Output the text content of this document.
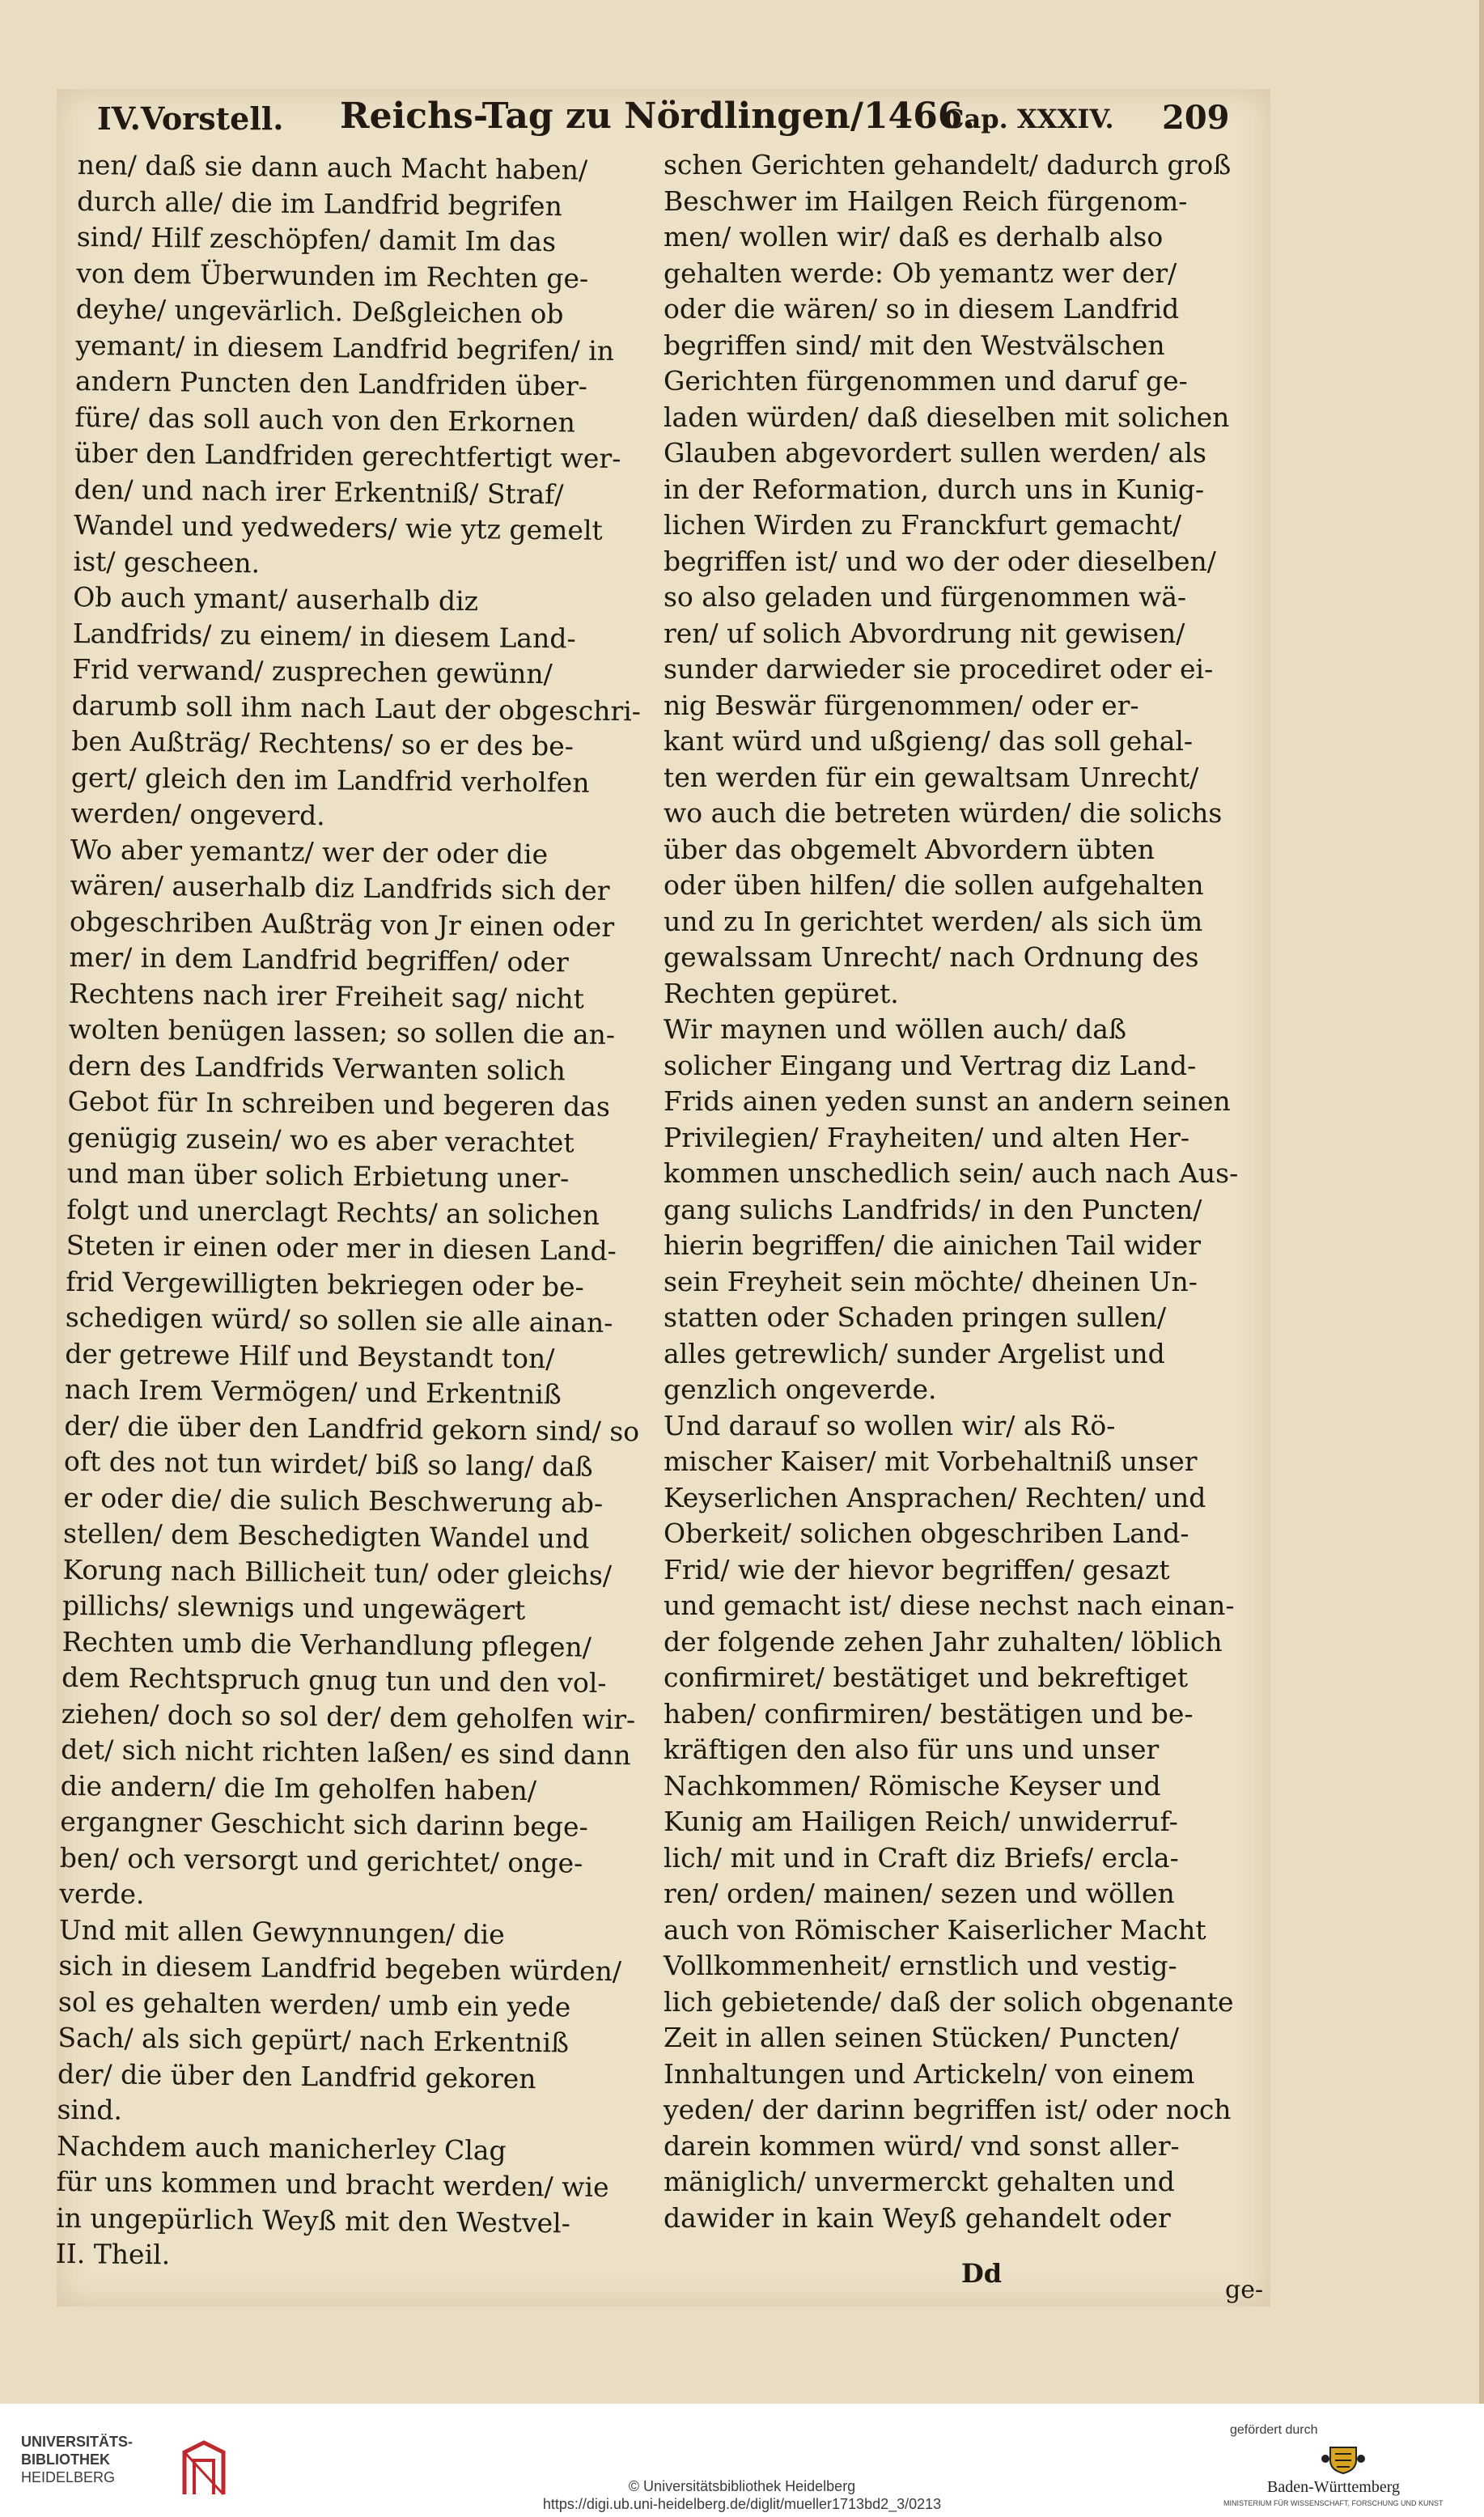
IV.Vorstell. Reichs-Tag zu Nördlingen/1466.
Cap. XXXIV. 209
nen/ daß sie dann auch Macht haben/
durch alle/ die im Landfrid begrifen
sind/ Hilf zeschöpfen/ damit Im das
von dem Überwunden im Rechten ge-
deyhe/ ungevärlich. Deßgleichen ob
yemant/ in diesem Landfrid begrifen/ in
andern Puncten den Landfriden über-
füre/ das soll auch von den Erkornen
über den Landfriden gerechtfertigt wer-
den/ und nach irer Erkentniß/ Straf/
Wandel und yedweders/ wie ytz gemelt
ist/ gescheen.
Ob auch ymant/ auserhalb diz
Landfrids/ zu einem/ in diesem Land-
Frid verwand/ zusprechen gewünn/
darumb soll ihm nach Laut der obgeschri-
ben Außträg/ Rechtens/ so er des be-
gert/ gleich den im Landfrid verholfen
werden/ ongeverd.
Wo aber yemantz/ wer der oder die
wären/ auserhalb diz Landfrids sich der
obgeschriben Außträg von Jr einen oder
mer/ in dem Landfrid begriffen/ oder
Rechtens nach irer Freiheit sag/ nicht
wolten benügen lassen; so sollen die an-
dern des Landfrids Verwanten solich
Gebot für In schreiben und begeren das
genügig zusein/ wo es aber verachtet
und man über solich Erbietung uner-
folgt und unerclagt Rechts/ an solichen
Steten ir einen oder mer in diesen Land-
frid Vergewilligten bekriegen oder be-
schedigen würd/ so sollen sie alle ainan-
der getrewe Hilf und Beystandt ton/
nach Irem Vermögen/ und Erkentniß
der/ die über den Landfrid gekorn sind/ so
oft des not tun wirdet/ biß so lang/ daß
er oder die/ die sulich Beschwerung ab-
stellen/ dem Beschedigten Wandel und
Korung nach Billicheit tun/ oder gleichs/
pillichs/ slewnigs und ungewägert
Rechten umb die Verhandlung pflegen/
dem Rechtspruch gnug tun und den vol-
ziehen/ doch so sol der/ dem geholfen wir-
det/ sich nicht richten laßen/ es sind dann
die andern/ die Im geholfen haben/
ergangner Geschicht sich darinn bege-
ben/ och versorgt und gerichtet/ onge-
verde.
Und mit allen Gewynnungen/ die
sich in diesem Landfrid begeben würden/
sol es gehalten werden/ umb ein yede
Sach/ als sich gepürt/ nach Erkentniß
der/ die über den Landfrid gekoren
sind.
Nachdem auch manicherley Clag
für uns kommen und bracht werden/ wie
in ungepürlich Weyß mit den Westvel-
II. Theil.
schen Gerichten gehandelt/ dadurch groß
Beschwer im Hailgen Reich fürgenom-
men/ wollen wir/ daß es derhalb also
gehalten werde: Ob yemantz wer der/
oder die wären/ so in diesem Landfrid
begriffen sind/ mit den Westvälschen
Gerichten fürgenommen und daruf ge-
laden würden/ daß dieselben mit solichen
Glauben abgevordert sullen werden/ als
in der Reformation, durch uns in Kunig-
lichen Wirden zu Franckfurt gemacht/
begriffen ist/ und wo der oder dieselben/
so also geladen und fürgenommen wä-
ren/ uf solich Abvordrung nit gewisen/
sunder darwieder sie procediret oder ei-
nig Beswär fürgenommen/ oder er-
kant würd und ußgieng/ das soll gehal-
ten werden für ein gewaltsam Unrecht/
wo auch die betreten würden/ die solichs
über das obgemelt Abvordern übten
oder üben hilfen/ die sollen aufgehalten
und zu In gerichtet werden/ als sich üm
gewalssam Unrecht/ nach Ordnung des
Rechten gepüret.
Wir maynen und wöllen auch/ daß
solicher Eingang und Vertrag diz Land-
Frids ainen yeden sunst an andern seinen
Privilegien/ Frayheiten/ und alten Her-
kommen unschedlich sein/ auch nach Aus-
gang sulichs Landfrids/ in den Puncten/
hierin begriffen/ die ainichen Tail wider
sein Freyheit sein möchte/ dheinen Un-
statten oder Schaden pringen sullen/
alles getrewlich/ sunder Argelist und
genzlich ongeverde.
Und darauf so wollen wir/ als Rö-
mischer Kaiser/ mit Vorbehaltniß unser
Keyserlichen Ansprachen/ Rechten/ und
Oberkeit/ solichen obgeschriben Land-
Frid/ wie der hievor begriffen/ gesazt
und gemacht ist/ diese nechst nach einan-
der folgende zehen Jahr zuhalten/ löblich
confirmiret/ bestätiget und bekreftiget
haben/ confirmiren/ bestätigen und be-
kräftigen den also für uns und unser
Nachkommen/ Römische Keyser und
Kunig am Hailigen Reich/ unwiderruf-
lich/ mit und in Craft diz Briefs/ ercla-
ren/ orden/ mainen/ sezen und wöllen
auch von Römischer Kaiserlicher Macht
Vollkommenheit/ ernstlich und vestig-
lich gebietende/ daß der solich obgenante
Zeit in allen seinen Stücken/ Puncten/
Innhaltungen und Artickeln/ von einem
yeden/ der darinn begriffen ist/ oder noch
darein kommen würd/ vnd sonst aller-
mäniglich/ unvermerckt gehalten und
dawider in kain Weyß gehandelt oder
Dd
ge-
UNIVERSITÄTS-
BIBLIOTHEK
HEIDELBERG
© Universitätsbibliothek Heidelberg
https://digi.ub.uni-heidelberg.de/diglit/mueller1713bd2_3/0213
gefördert durch
Baden-Württemberg
MINISTERIUM FÜR WISSENSCHAFT, FORSCHUNG UND KUNST
